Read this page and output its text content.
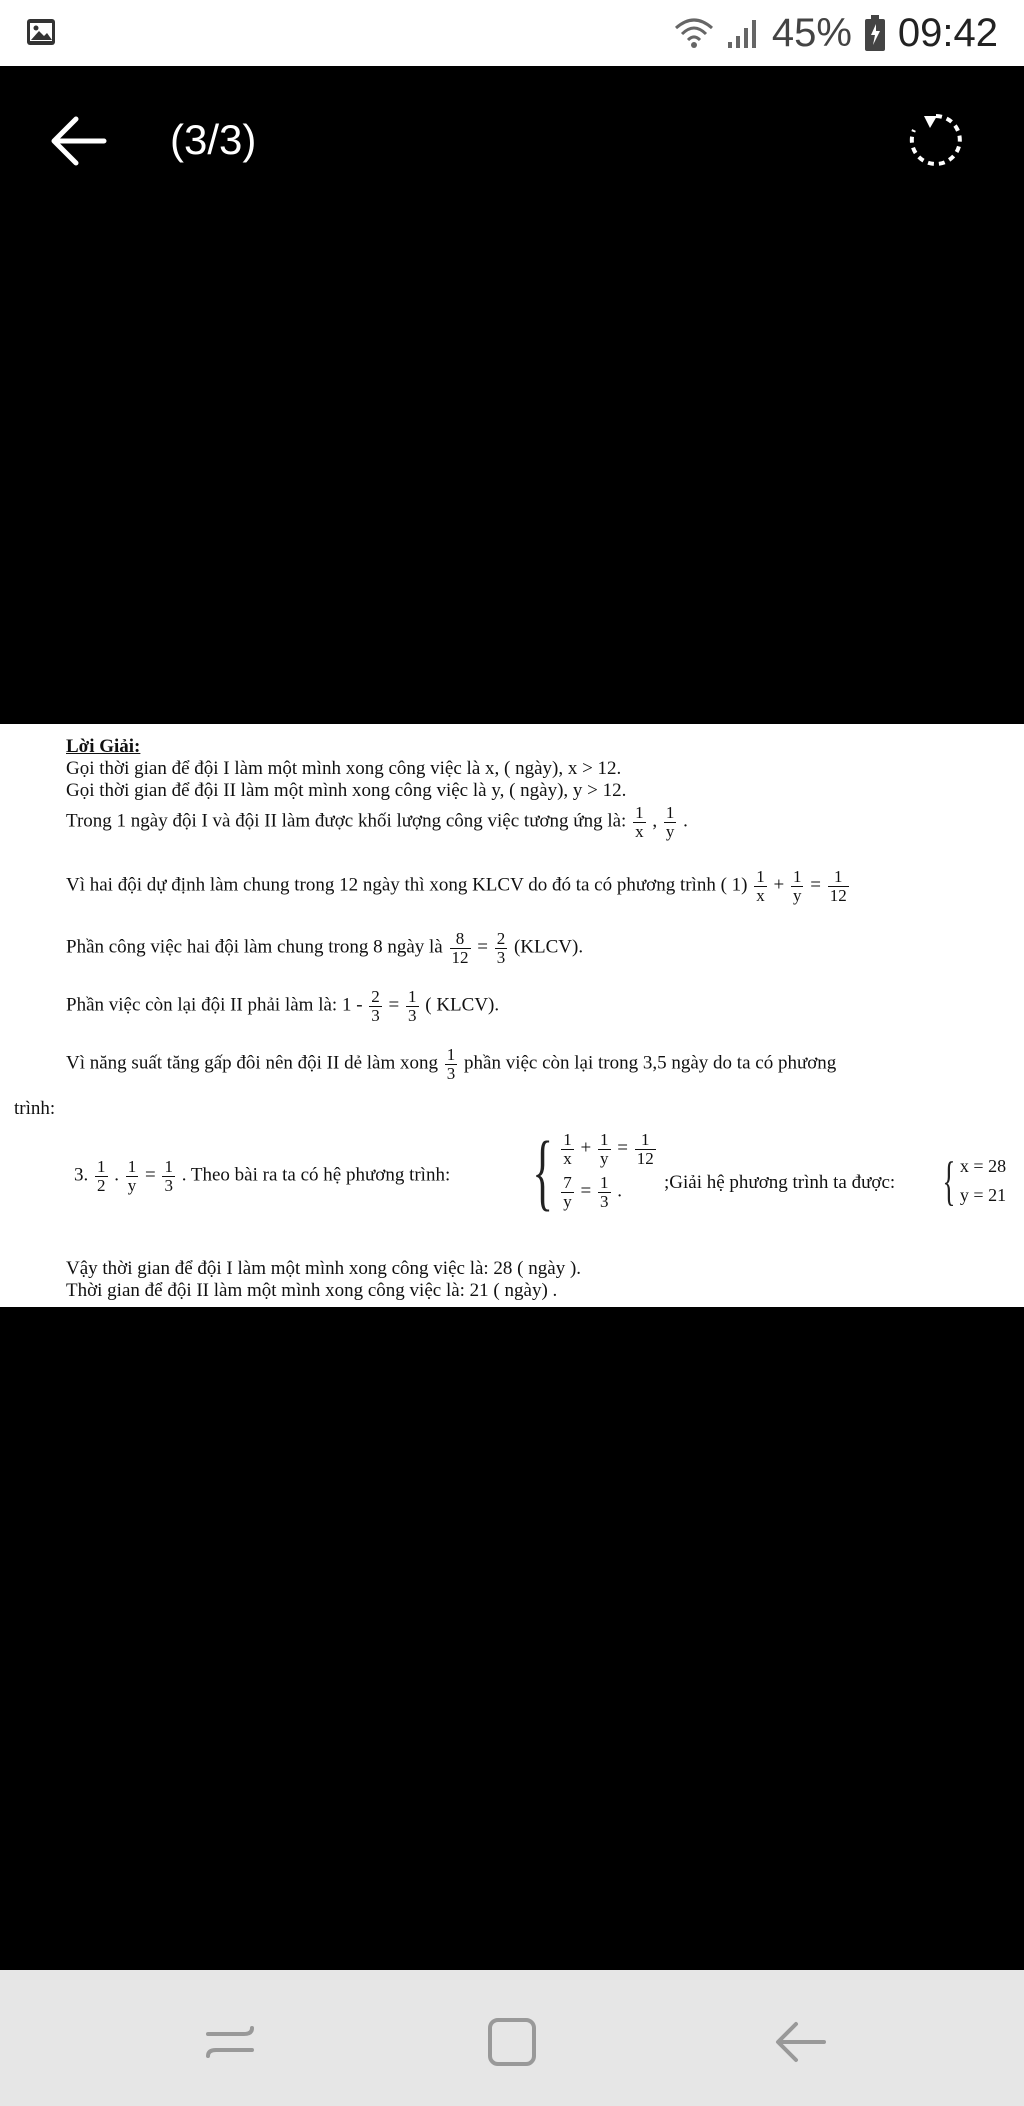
45% 09:42
(3/3)
Lời Giải:
Gọi thời gian để đội I làm một mình xong công việc là x, ( ngày), x > 12.
Gọi thời gian để đội II làm một mình xong công việc là y, ( ngày), y > 12.
Trong 1 ngày đội I và đội II làm được khối lượng công việc tương ứng là: $\frac{1}{x}$ , $\frac{1}{y}$ .
Vì hai đội dự định làm chung trong 12 ngày thì xong KLCV do đó ta có phương trình ( $1) \frac{1}{x} + \frac{1}{y} = \frac{1}{12}$
Phần công việc hai đội làm chung trong 8 ngày là $\frac{8}{12} = \frac{2}{3}$ (KLCV).
Phần việc còn lại đội II phải làm là: $1 - \frac{2}{3} = \frac{1}{3}$ ( KLCV).
Vì năng suất tăng gấp đôi nên đội II dẻ làm xong $\frac{1}{3}$ phần việc còn lại trong 3,5 ngày do ta có phương
trình:
3. $\frac{1}{2}$ . $\frac{1}{y} = \frac{1}{3}$ . Theo bài ra ta có hệ phương trình: { $\frac{1}{x} + \frac{1}{y} = \frac{1}{12}$
$\frac{7}{y} = \frac{1}{3}$ .	;Giải hệ phương trình ta được: { x = 28
y = 21
Vậy thời gian để đội I làm một mình xong công việc là: 28 ( ngày ).
Thời gian để đội II làm một mình xong công việc là: 21 ( ngày) .
